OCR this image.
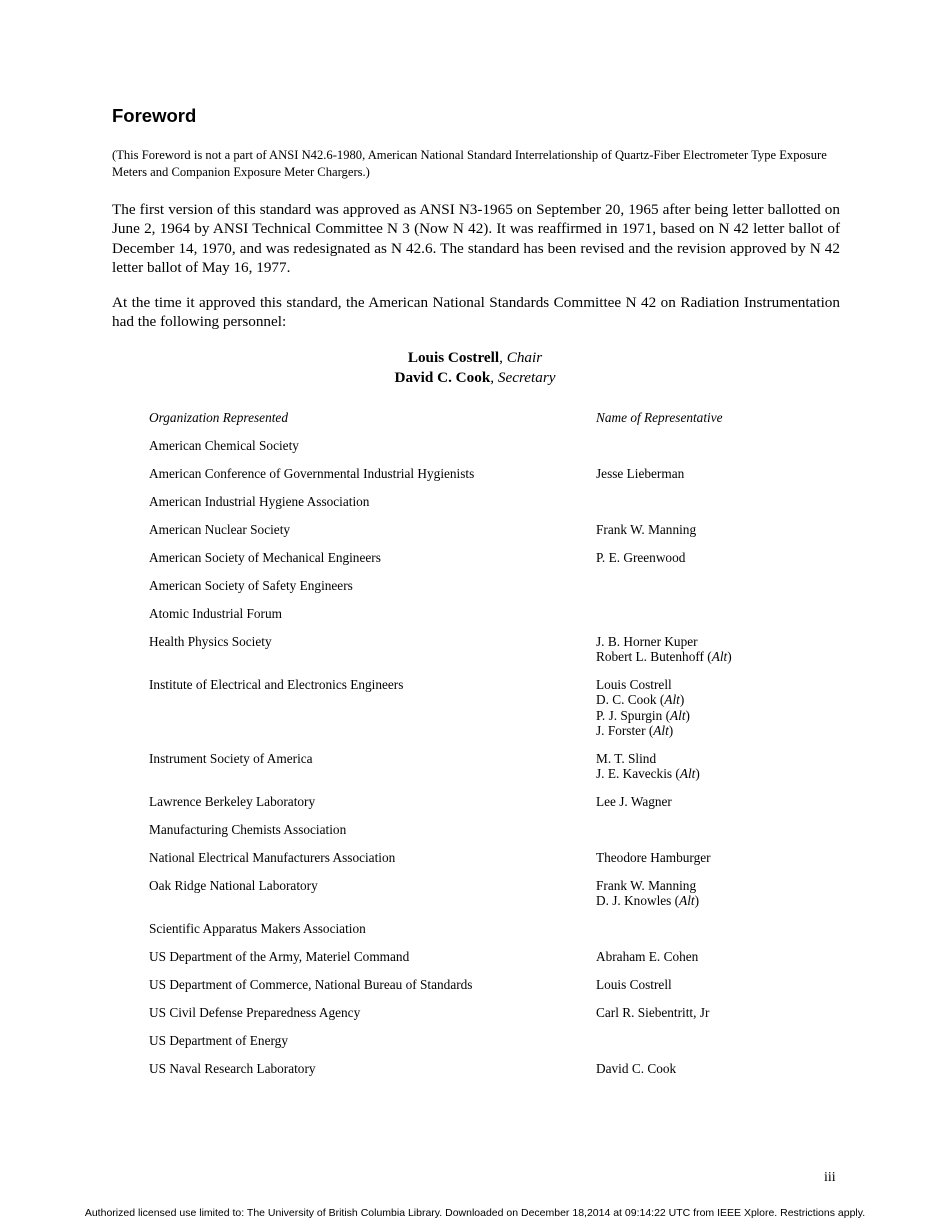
Foreword
(This Foreword is not a part of ANSI N42.6-1980, American National Standard Interrelationship of Quartz-Fiber Electrometer Type Exposure Meters and Companion Exposure Meter Chargers.)
The first version of this standard was approved as ANSI N3-1965 on September 20, 1965 after being letter ballotted on June 2, 1964 by ANSI Technical Committee N 3 (Now N 42). It was reaffirmed in 1971, based on N 42 letter ballot of December 14, 1970, and was redesignated as N 42.6. The standard has been revised and the revision approved by N 42 letter ballot of May 16, 1977.
At the time it approved this standard, the American National Standards Committee N 42 on Radiation Instrumentation had the following personnel:
Louis Costrell, Chair
David C. Cook, Secretary
Organization Represented	Name of Representative
American Chemical Society
American Conference of Governmental Industrial Hygienists	Jesse Lieberman
American Industrial Hygiene Association
American Nuclear Society	Frank W. Manning
American Society of Mechanical Engineers	P. E. Greenwood
American Society of Safety Engineers
Atomic Industrial Forum
Health Physics Society	J. B. Horner Kuper
Robert L. Butenhoff (Alt)
Institute of Electrical and Electronics Engineers	Louis Costrell
D. C. Cook (Alt)
P. J. Spurgin (Alt)
J. Forster (Alt)
Instrument Society of America	M. T. Slind
J. E. Kaveckis (Alt)
Lawrence Berkeley Laboratory	Lee J. Wagner
Manufacturing Chemists Association
National Electrical Manufacturers Association	Theodore Hamburger
Oak Ridge National Laboratory	Frank W. Manning
D. J. Knowles (Alt)
Scientific Apparatus Makers Association
US Department of the Army, Materiel Command	Abraham E. Cohen
US Department of Commerce, National Bureau of Standards	Louis Costrell
US Civil Defense Preparedness Agency	Carl R. Siebentritt, Jr
US Department of Energy
US Naval Research Laboratory	David C. Cook
iii
Authorized licensed use limited to: The University of British Columbia Library. Downloaded on December 18,2014 at 09:14:22 UTC from IEEE Xplore. Restrictions apply.
